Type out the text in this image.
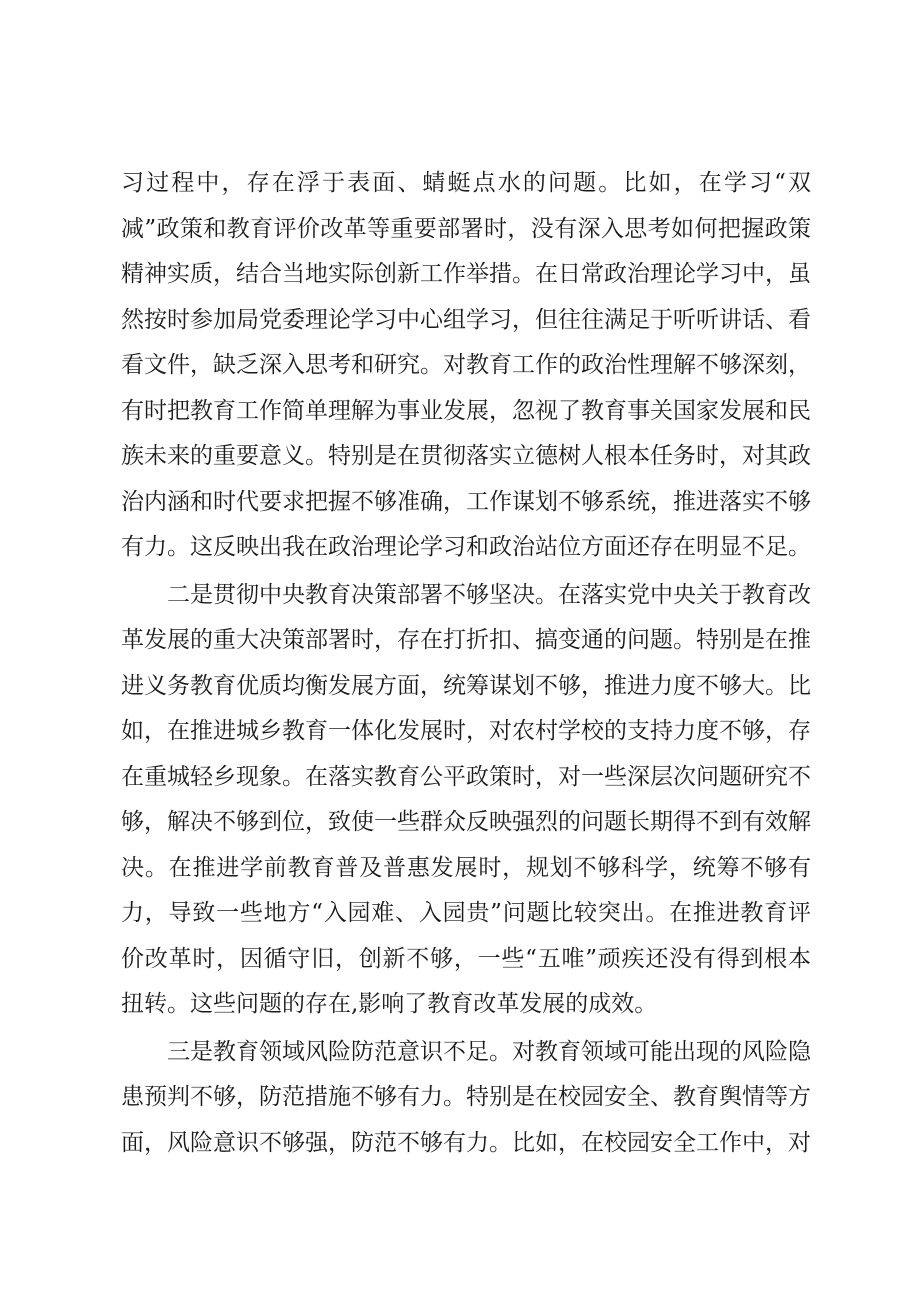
习过程中，存在浮于表面、蜻蜓点水的问题。比如，在学习“双减”政策和教育评价改革等重要部署时，没有深入思考如何把握政策精神实质，结合当地实际创新工作举措。在日常政治理论学习中，虽然按时参加局党委理论学习中心组学习，但往往满足于听听讲话、看看文件，缺乏深入思考和研究。对教育工作的政治性理解不够深刻，有时把教育工作简单理解为事业发展，忽视了教育事关国家发展和民族未来的重要意义。特别是在贯彻落实立德树人根本任务时，对其政治内涵和时代要求把握不够准确，工作谋划不够系统，推进落实不够有力。这反映出我在政治理论学习和政治站位方面还存在明显不足。

二是贯彻中央教育决策部署不够坚决。在落实党中央关于教育改革发展的重大决策部署时，存在打折扣、搞变通的问题。特别是在推进义务教育优质均衡发展方面，统筹谋划不够，推进力度不够大。比如，在推进城乡教育一体化发展时，对农村学校的支持力度不够，存在重城轻乡现象。在落实教育公平政策时，对一些深层次问题研究不够，解决不够到位，致使一些群众反映强烈的问题长期得不到有效解决。在推进学前教育普及普惠发展时，规划不够科学，统筹不够有力，导致一些地方“入园难、入园贵”问题比较突出。在推进教育评价改革时，因循守旧，创新不够，一些“五唯”顽疾还没有得到根本扭转。这些问题的存在,影响了教育改革发展的成效。

三是教育领域风险防范意识不足。对教育领域可能出现的风险隐患预判不够，防范措施不够有力。特别是在校园安全、教育舆情等方面，风险意识不够强，防范不够有力。比如，在校园安全工作中，对
